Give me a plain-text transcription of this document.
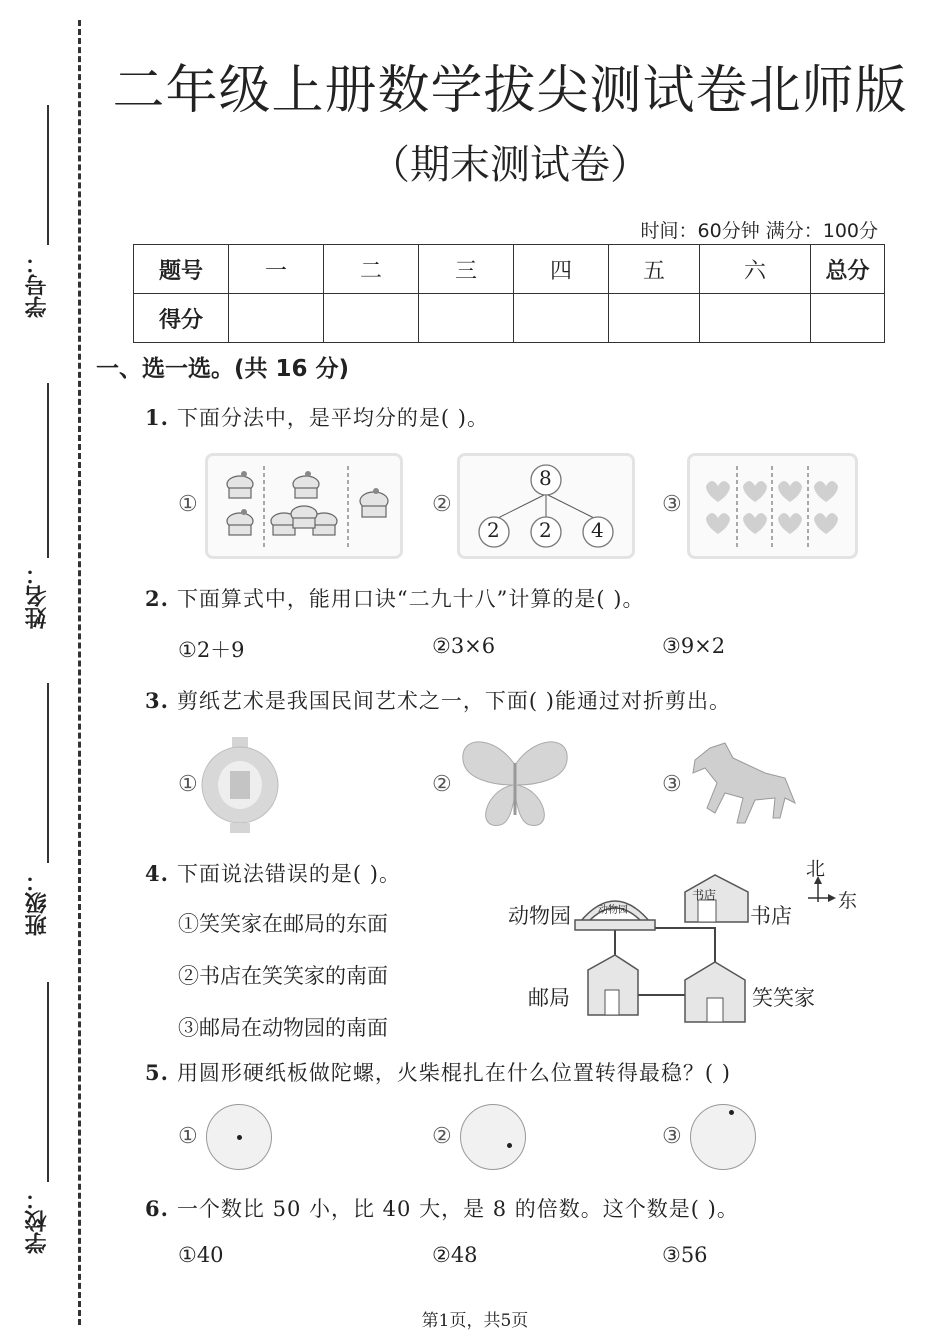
学号：
姓名：
班级：
学校：
二年级上册数学拔尖测试卷北师版
（期末测试卷）
时间：60分钟 满分：100分
题号	一	二	三	四	五	六	总分
得分							
一、选一选。(共 16 分)
1. 下面分法中，是平均分的是( )。
①	②
8
2 2 4
③
2. 下面算式中，能用口诀“二九十八”计算的是( )。
①2＋9	②3×6	③9×2
3. 剪纸艺术是我国民间艺术之一，下面( )能通过对折剪出。
①	②	③
4. 下面说法错误的是( )。
①笑笑家在邮局的东面
②书店在笑笑家的南面
③邮局在动物园的南面
动物园
书店
动物园	书店
邮局	笑笑家
北
东
5. 用圆形硬纸板做陀螺，火柴棍扎在什么位置转得最稳？( )
①	②	③
6. 一个数比 50 小，比 40 大，是 8 的倍数。这个数是( )。
①40	②48	③56
第1页，共5页
